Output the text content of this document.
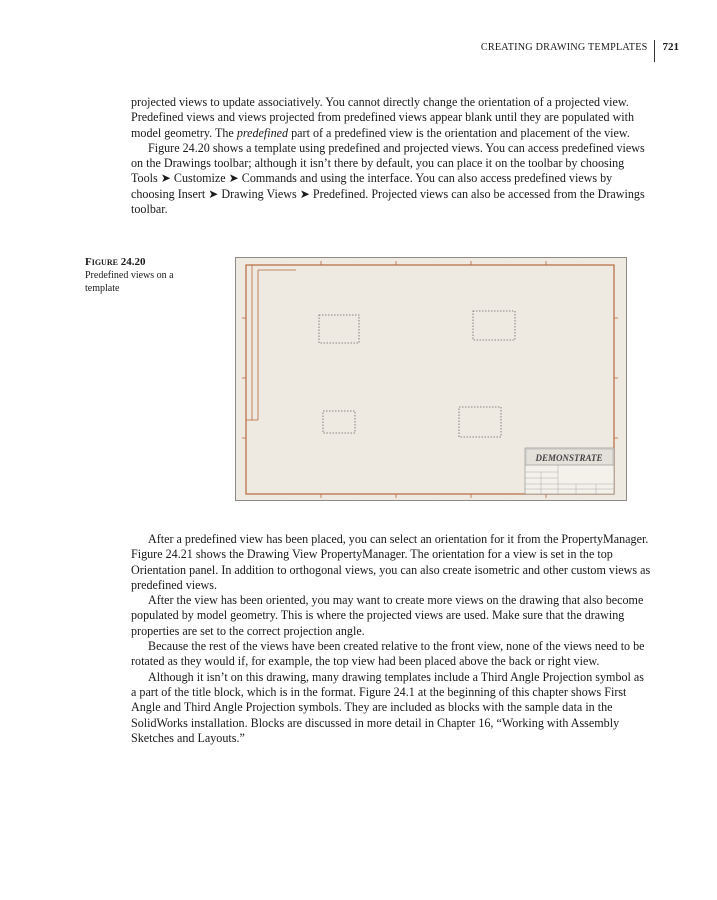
CREATING DRAWING TEMPLATES	721

projected views to update associatively. You cannot directly change the orientation of a projected view. Predefined views and views projected from predefined views appear blank until they are populated with model geometry. The predefined part of a predefined view is the orientation and placement of the view.

Figure 24.20 shows a template using predefined and projected views. You can access predefined views on the Drawings toolbar; although it isn’t there by default, you can place it on the toolbar by choosing Tools ➤ Customize ➤ Commands and using the interface. You can also access predefined views by choosing Insert ➤ Drawing Views ➤ Predefined. Projected views can also be accessed from the Drawings toolbar.

Figure 24.20
Predefined views on a template
·	·	·	·	·
·	·	·	·	·
·
·
·
·
·
·
·
·
DEMONSTRATE

After a predefined view has been placed, you can select an orientation for it from the PropertyManager. Figure 24.21 shows the Drawing View PropertyManager. The orientation for a view is set in the top Orientation panel. In addition to orthogonal views, you can also create isometric and other custom views as predefined views.

After the view has been oriented, you may want to create more views on the drawing that also become populated by model geometry. This is where the projected views are used. Make sure that the drawing properties are set to the correct projection angle.

Because the rest of the views have been created relative to the front view, none of the views need to be rotated as they would if, for example, the top view had been placed above the back or right view.

Although it isn’t on this drawing, many drawing templates include a Third Angle Projection symbol as a part of the title block, which is in the format. Figure 24.1 at the beginning of this chapter shows First Angle and Third Angle Projection symbols. They are included as blocks with the sample data in the SolidWorks installation. Blocks are discussed in more detail in Chapter 16, “Working with Assembly Sketches and Layouts.”
